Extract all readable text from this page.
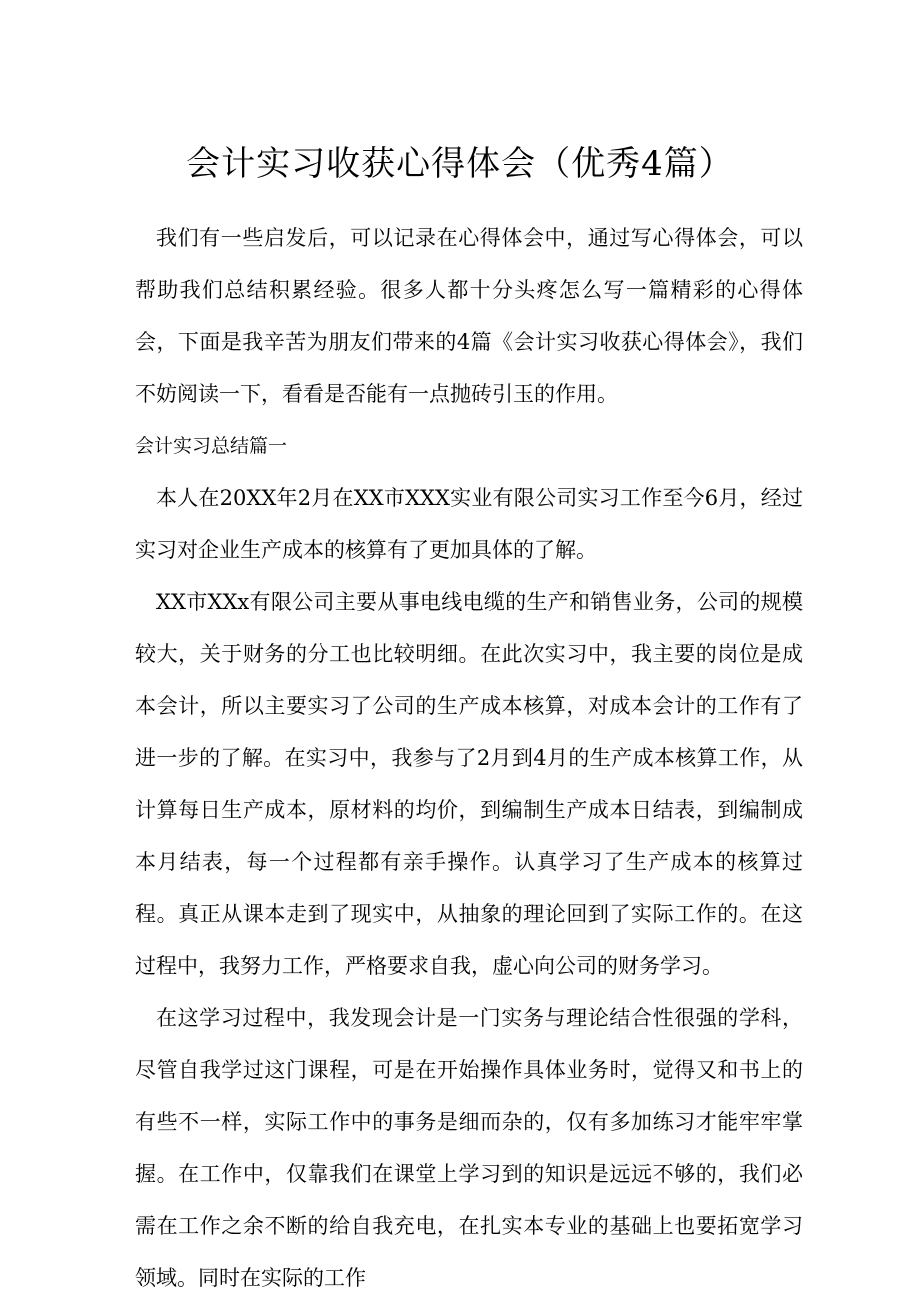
会计实习收获心得体会（优秀4篇）

我们有一些启发后，可以记录在心得体会中，通过写心得体会，可以帮助我们总结积累经验。很多人都十分头疼怎么写一篇精彩的心得体会，下面是我辛苦为朋友们带来的4篇《会计实习收获心得体会》，我们不妨阅读一下，看看是否能有一点抛砖引玉的作用。

会计实习总结篇一

本人在20XX年2月在XX市XXX实业有限公司实习工作至今6月，经过实习对企业生产成本的核算有了更加具体的了解。

XX市XXx有限公司主要从事电线电缆的生产和销售业务，公司的规模较大，关于财务的分工也比较明细。在此次实习中，我主要的岗位是成本会计，所以主要实习了公司的生产成本核算，对成本会计的工作有了进一步的了解。在实习中，我参与了2月到4月的生产成本核算工作，从计算每日生产成本，原材料的均价，到编制生产成本日结表，到编制成本月结表，每一个过程都有亲手操作。认真学习了生产成本的核算过程。真正从课本走到了现实中，从抽象的理论回到了实际工作的。在这过程中，我努力工作，严格要求自我，虚心向公司的财务学习。

在这学习过程中，我发现会计是一门实务与理论结合性很强的学科，尽管自我学过这门课程，可是在开始操作具体业务时，觉得又和书上的有些不一样，实际工作中的事务是细而杂的，仅有多加练习才能牢牢掌握。在工作中，仅靠我们在课堂上学习到的知识是远远不够的，我们必需在工作之余不断的给自我充电，在扎实本专业的基础上也要拓宽学习领域。同时在实际的工作
